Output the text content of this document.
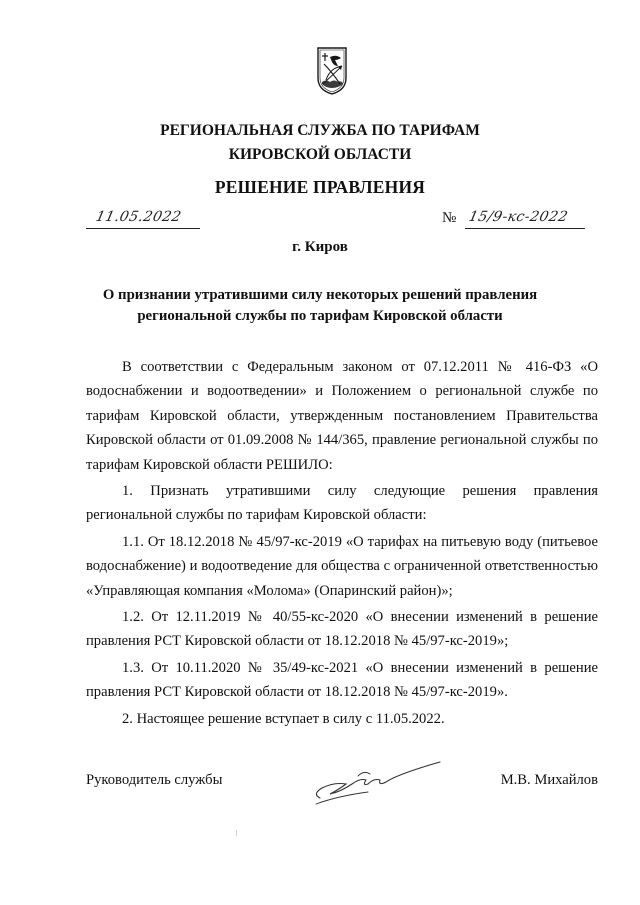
РЕГИОНАЛЬНАЯ СЛУЖБА ПО ТАРИФАМ
КИРОВСКОЙ ОБЛАСТИ
РЕШЕНИЕ ПРАВЛЕНИЯ
11.05.2022	№ 15/9-кс-2022
г. Киров
О признании утратившими силу некоторых решений правления
региональной службы по тарифам Кировской области

В соответствии с Федеральным законом от 07.12.2011 № 416-ФЗ «О водоснабжении и водоотведении» и Положением о региональной службе по тарифам Кировской области, утвержденным постановлением Правительства Кировской области от 01.09.2008 № 144/365, правление региональной службы по тарифам Кировской области РЕШИЛО:

1. Признать утратившими силу следующие решения правления региональной службы по тарифам Кировской области:

1.1. От 18.12.2018 № 45/97-кс-2019 «О тарифах на питьевую воду (питьевое водоснабжение) и водоотведение для общества с ограниченной ответственностью «Управляющая компания «Молома» (Опаринский район)»;

1.2. От 12.11.2019 № 40/55-кс-2020 «О внесении изменений в решение правления РСТ Кировской области от 18.12.2018 № 45/97-кс-2019»;

1.3. От 10.11.2020 № 35/49-кс-2021 «О внесении изменений в решение правления РСТ Кировской области от 18.12.2018 № 45/97-кс-2019».

2. Настоящее решение вступает в силу с 11.05.2022.

Руководитель службы	М.В. Михайлов
